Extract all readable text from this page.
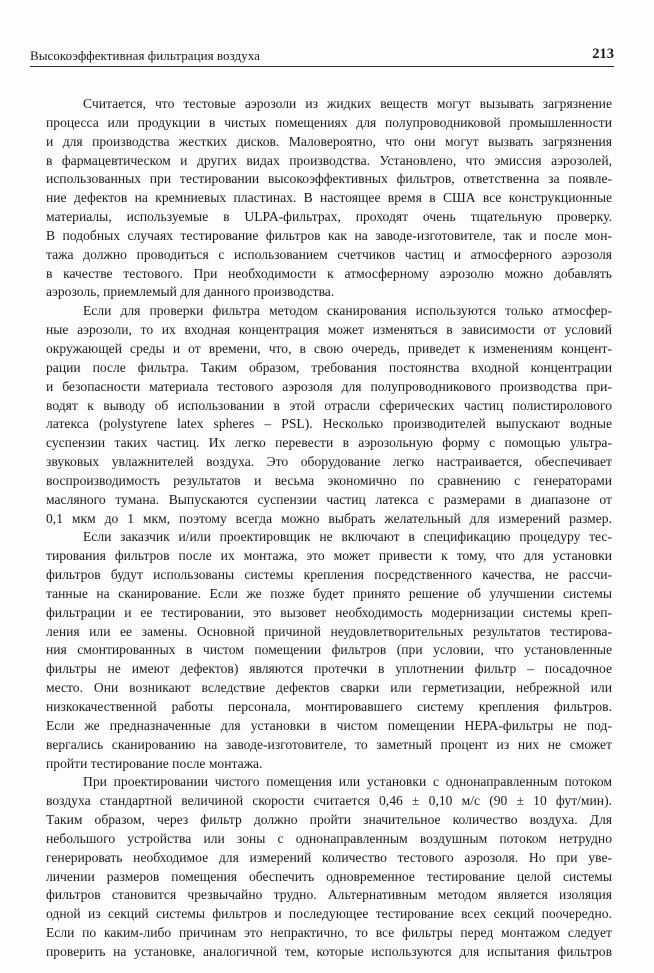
Высокоэффективная фильтрация воздуха	213

Считается, что тестовые аэрозоли из жидких веществ могут вызывать загрязнение
процесса или продукции в чистых помещениях для полупроводниковой промышленности
и для производства жестких дисков. Маловероятно, что они могут вызвать загрязнения
в фармацевтическом и других видах производства. Установлено, что эмиссия аэрозолей,
использованных при тестировании высокоэффективных фильтров, ответственна за появле-
ние дефектов на кремниевых пластинах. В настоящее время в США все конструкционные
материалы, используемые в ULPA-фильтрах, проходят очень тщательную проверку.
В подобных случаях тестирование фильтров как на заводе-изготовителе, так и после мон-
тажа должно проводиться с использованием счетчиков частиц и атмосферного аэрозоля
в качестве тестового. При необходимости к атмосферному аэрозолю можно добавлять
аэрозоль, приемлемый для данного производства.

Если для проверки фильтра методом сканирования используются только атмосфер-
ные аэрозоли, то их входная концентрация может изменяться в зависимости от условий
окружающей среды и от времени, что, в свою очередь, приведет к изменениям концент-
рации после фильтра. Таким образом, требования постоянства входной концентрации
и безопасности материала тестового аэрозоля для полупроводникового производства при-
водят к выводу об использовании в этой отрасли сферических частиц полистиролового
латекса (polystyrene latex spheres – PSL). Несколько производителей выпускают водные
суспензии таких частиц. Их легко перевести в аэрозольную форму с помощью ультра-
звуковых увлажнителей воздуха. Это оборудование легко настраивается, обеспечивает
воспроизводимость результатов и весьма экономично по сравнению с генераторами
масляного тумана. Выпускаются суспензии частиц латекса с размерами в диапазоне от
0,1 мкм до 1 мкм, поэтому всегда можно выбрать желательный для измерений размер.

Если заказчик и/или проектировщик не включают в спецификацию процедуру тес-
тирования фильтров после их монтажа, это может привести к тому, что для установки
фильтров будут использованы системы крепления посредственного качества, не рассчи-
танные на сканирование. Если же позже будет принято решение об улучшении системы
фильтрации и ее тестировании, это вызовет необходимость модернизации системы креп-
ления или ее замены. Основной причиной неудовлетворительных результатов тестирова-
ния смонтированных в чистом помещении фильтров (при условии, что установленные
фильтры не имеют дефектов) являются протечки в уплотнении фильтр – посадочное
место. Они возникают вследствие дефектов сварки или герметизации, небрежной или
низкокачественной работы персонала, монтировавшего систему крепления фильтров.
Если же предназначенные для установки в чистом помещении НЕРА-фильтры не под-
вергались сканированию на заводе-изготовителе, то заметный процент из них не сможет
пройти тестирование после монтажа.

При проектировании чистого помещения или установки с однонаправленным потоком
воздуха стандартной величиной скорости считается 0,46 ± 0,10 м/с (90 ± 10 фут/мин).
Таким образом, через фильтр должно пройти значительное количество воздуха. Для
небольшого устройства или зоны с однонаправленным воздушным потоком нетрудно
генерировать необходимое для измерений количество тестового аэрозоля. Но при уве-
личении размеров помещения обеспечить одновременное тестирование целой системы
фильтров становится чрезвычайно трудно. Альтернативным методом является изоляция
одной из секций системы фильтров и последующее тестирование всех секций поочередно.
Если по каким-либо причинам это непрактично, то все фильтры перед монтажом следует
проверить на установке, аналогичной тем, которые используются для испытания фильтров
